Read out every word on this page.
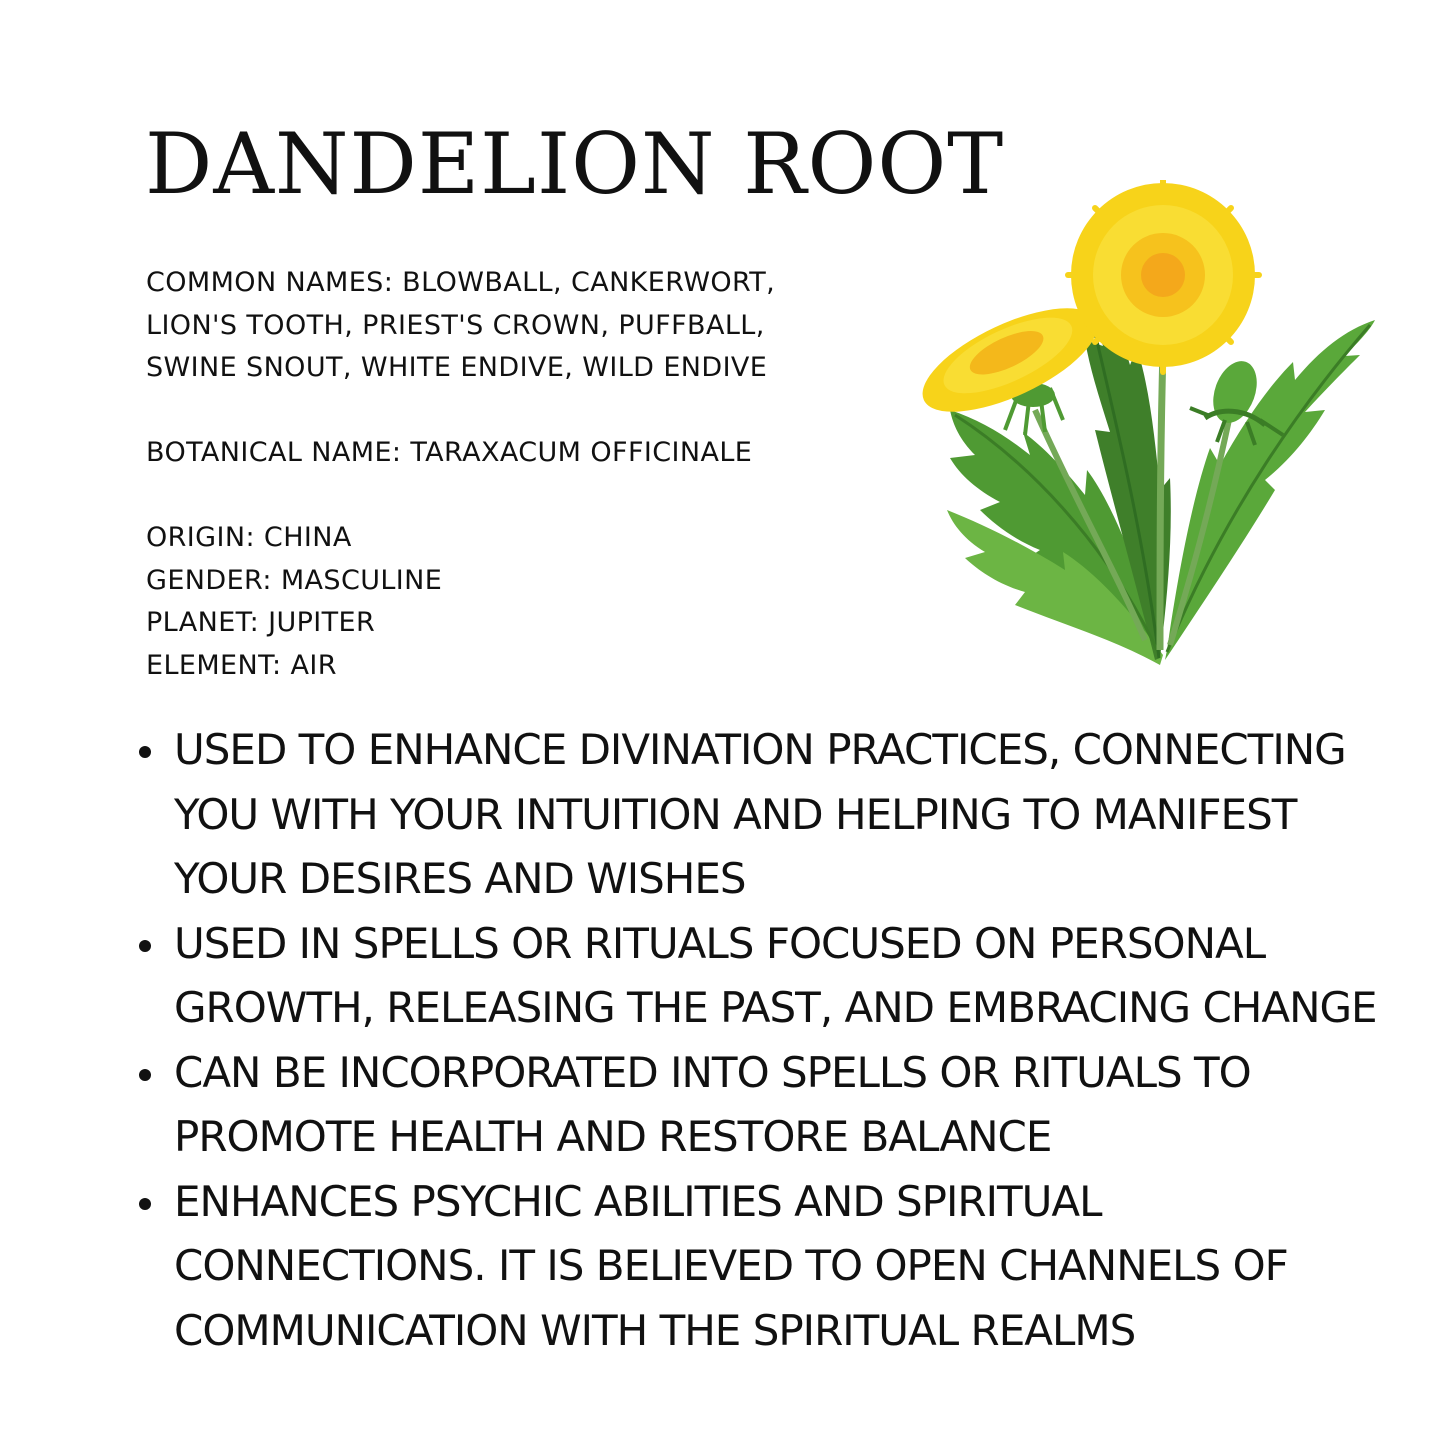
DANDELION ROOT

COMMON NAMES: BLOWBALL, CANKERWORT,

LION'S TOOTH, PRIEST'S CROWN, PUFFBALL,

SWINE SNOUT, WHITE ENDIVE, WILD ENDIVE

BOTANICAL NAME: TARAXACUM OFFICINALE

ORIGIN: CHINA

GENDER: MASCULINE

PLANET: JUPITER

ELEMENT: AIR

USED TO ENHANCE DIVINATION PRACTICES, CONNECTING YOU WITH YOUR INTUITION AND HELPING TO MANIFEST YOUR DESIRES AND WISHES
USED IN SPELLS OR RITUALS FOCUSED ON PERSONAL GROWTH, RELEASING THE PAST, AND EMBRACING CHANGE
CAN BE INCORPORATED INTO SPELLS OR RITUALS TO PROMOTE HEALTH AND RESTORE BALANCE
ENHANCES PSYCHIC ABILITIES AND SPIRITUAL CONNECTIONS. IT IS BELIEVED TO OPEN CHANNELS OF COMMUNICATION WITH THE SPIRITUAL REALMS
